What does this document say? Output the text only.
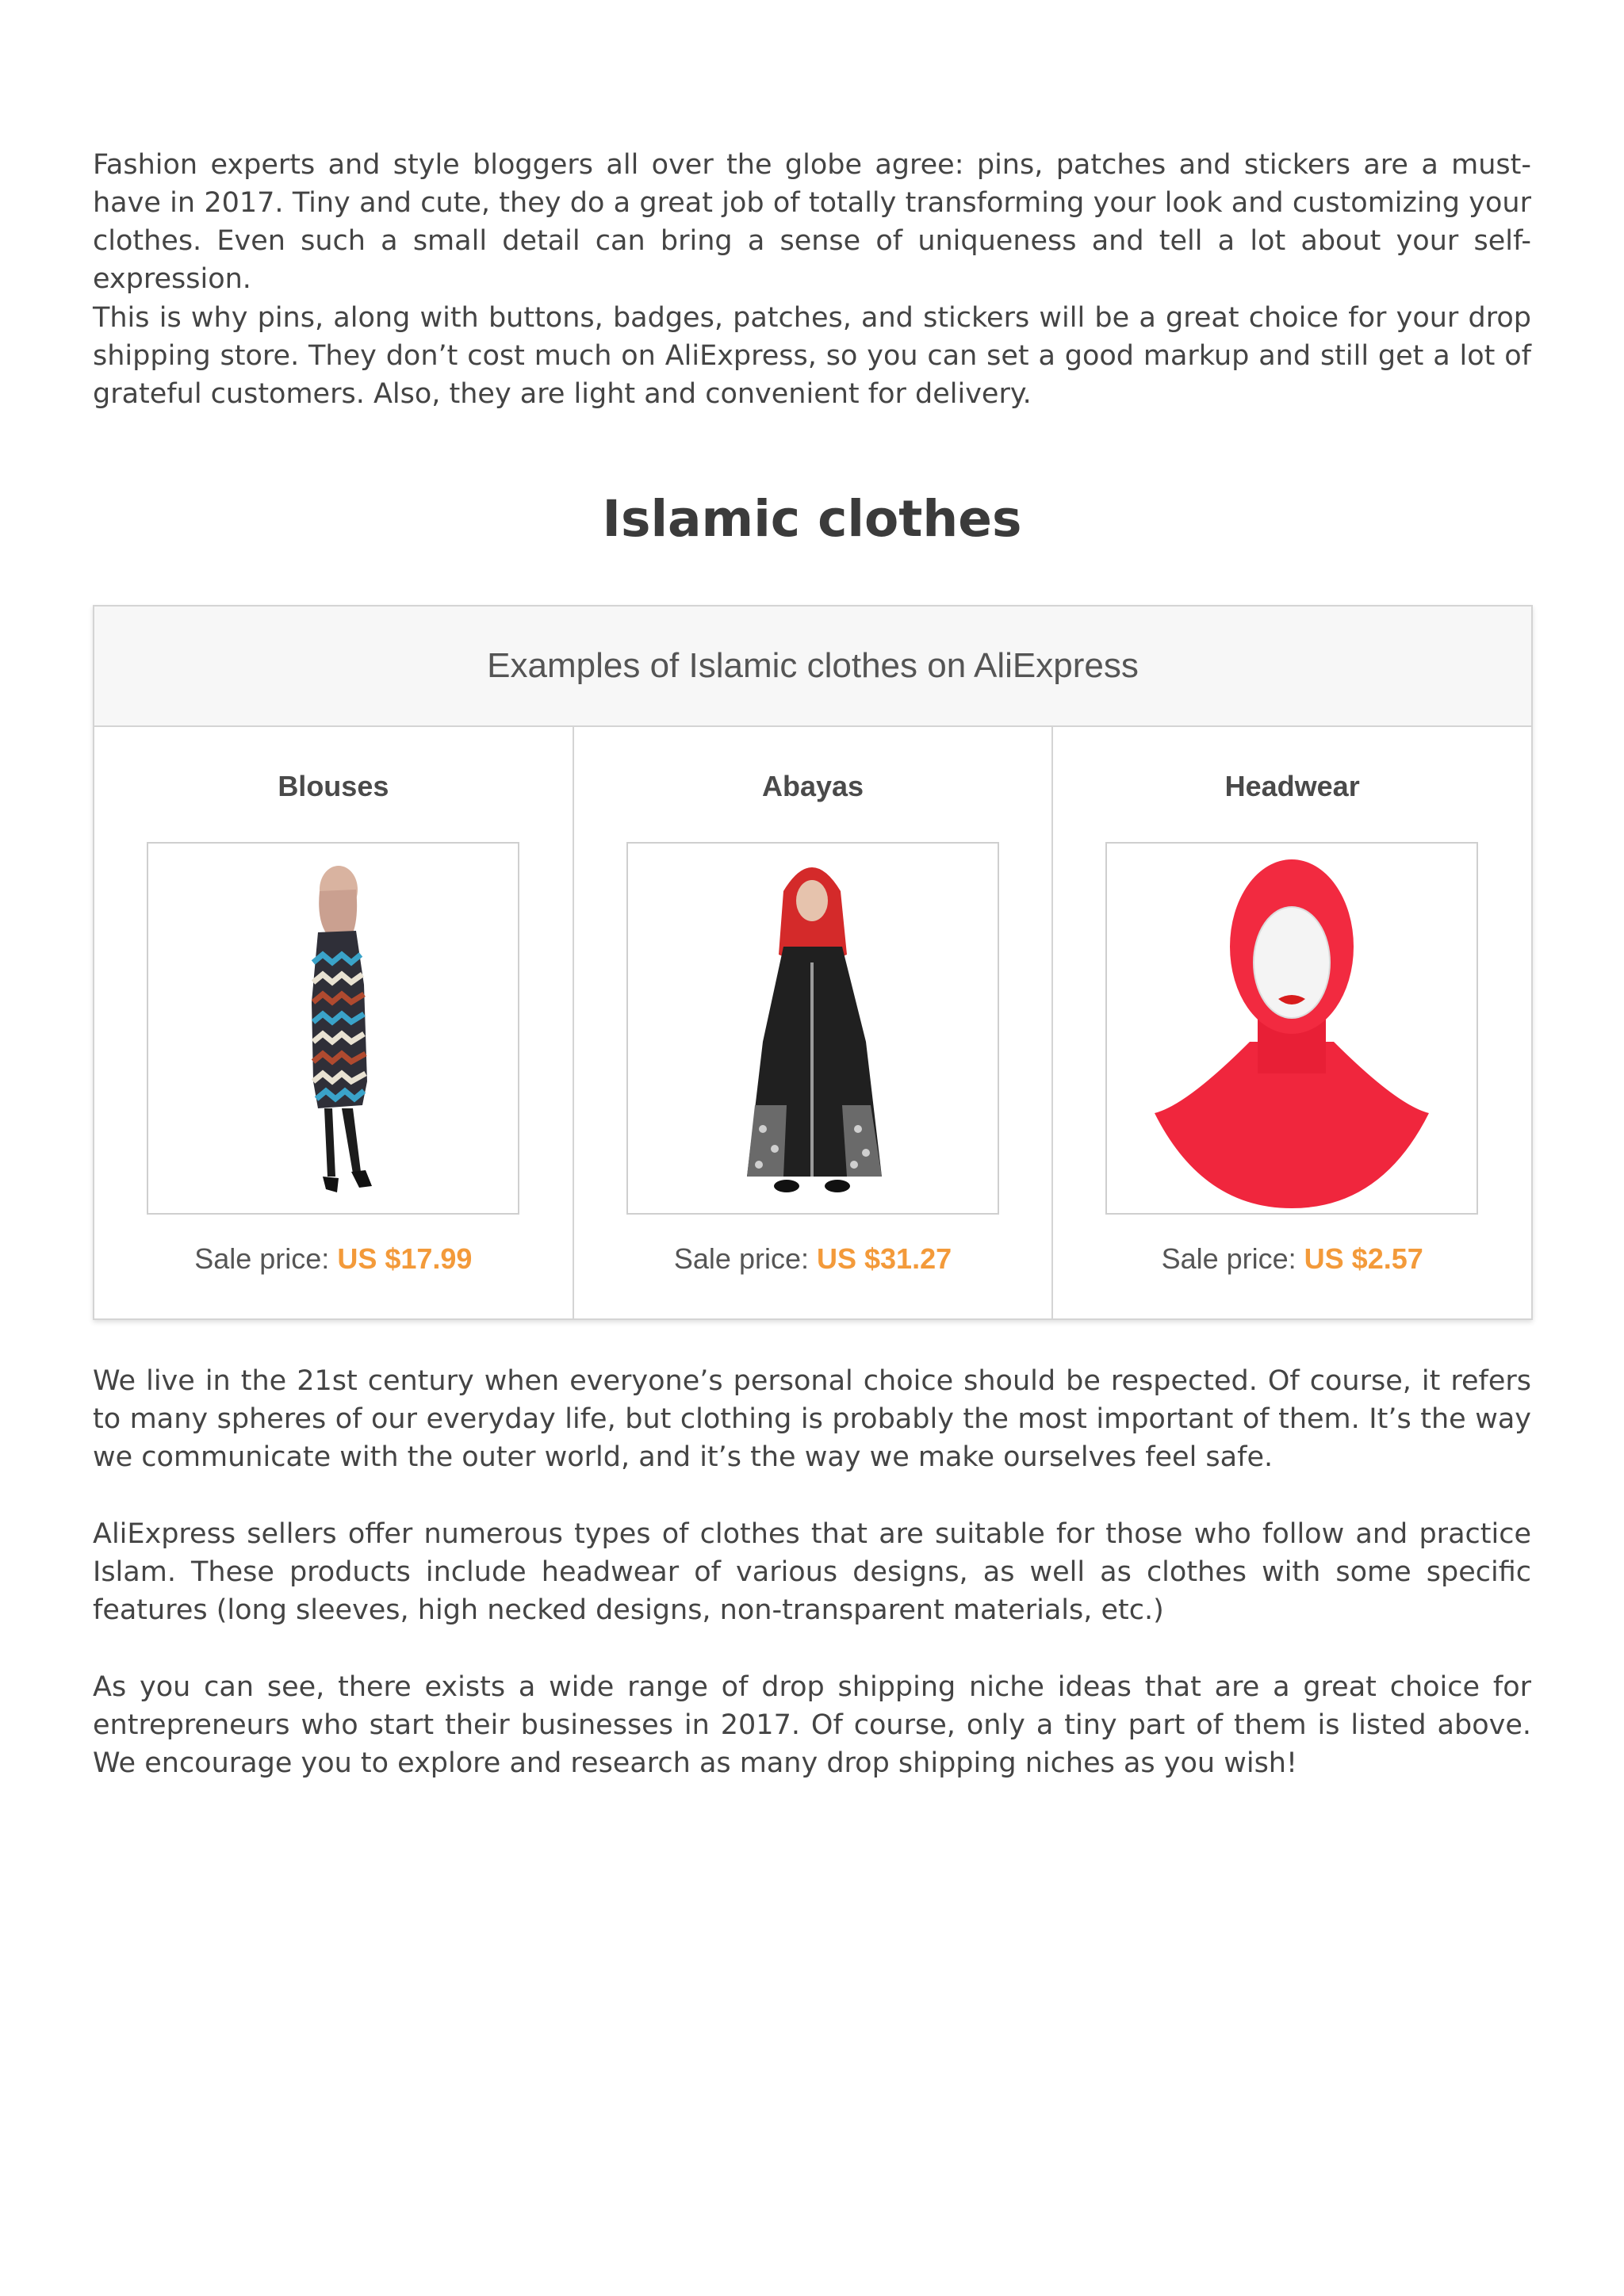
Fashion experts and style bloggers all over the globe agree: pins, patches and stickers are a must-have in 2017. Tiny and cute, they do a great job of totally transforming your look and customizing your clothes. Even such a small detail can bring a sense of uniqueness and tell a lot about your self-expression.

This is why pins, along with buttons, badges, patches, and stickers will be a great choice for your drop shipping store. They don’t cost much on AliExpress, so you can set a good markup and still get a lot of grateful customers. Also, they are light and convenient for delivery.

Islamic clothes
Examples of Islamic clothes on AliExpress
Blouses
Sale price: US $17.99
Abayas
Sale price: US $31.27
Headwear
Sale price: US $2.57

We live in the 21st century when everyone’s personal choice should be respected. Of course, it refers to many spheres of our everyday life, but clothing is probably the most important of them. It’s the way we communicate with the outer world, and it’s the way we make ourselves feel safe.

AliExpress sellers offer numerous types of clothes that are suitable for those who follow and practice Islam. These products include headwear of various designs, as well as clothes with some specific features (long sleeves, high necked designs, non-transparent materials, etc.)

As you can see, there exists a wide range of drop shipping niche ideas that are a great choice for entrepreneurs who start their businesses in 2017. Of course, only a tiny part of them is listed above. We encourage you to explore and research as many drop shipping niches as you wish!
